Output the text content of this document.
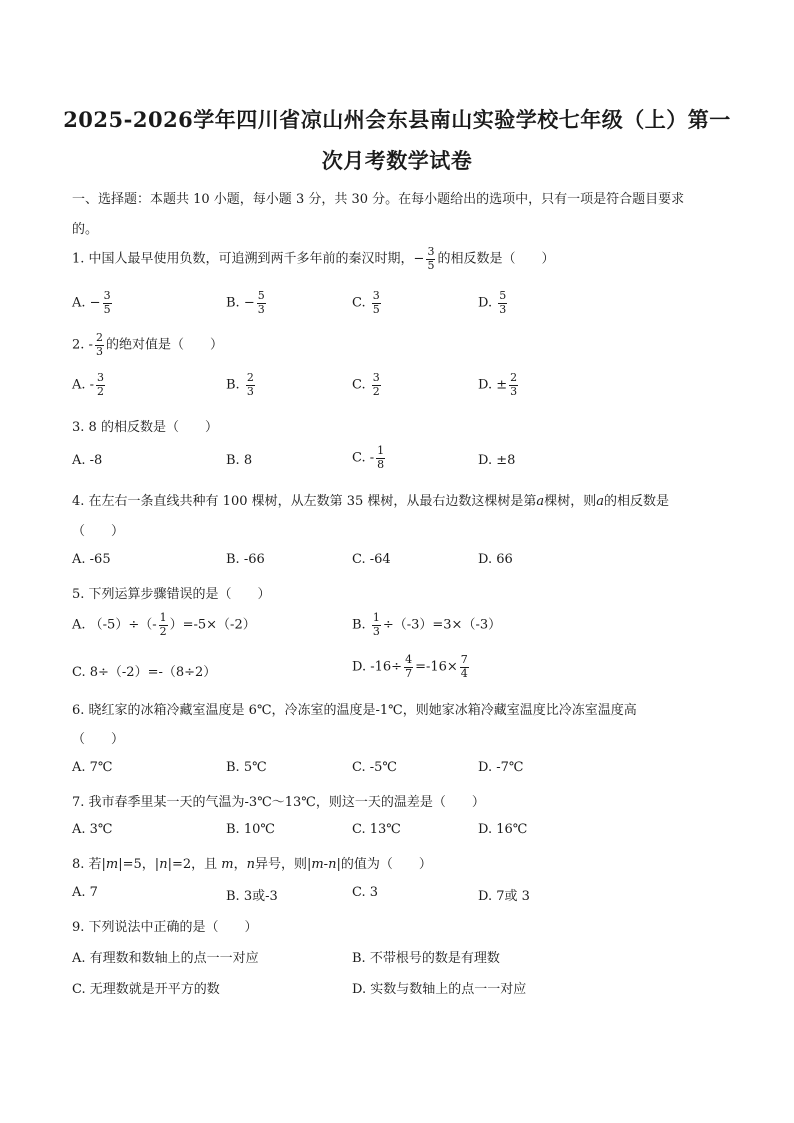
2025-2026学年四川省凉山州会东县南山实验学校七年级（上）第一
次月考数学试卷
一、选择题：本题共 10 小题，每小题 3 分，共 30 分。在每小题给出的选项中，只有一项是符合题目要求
的。
1. 中国人最早使用负数，可追溯到两千多年前的秦汉时期，− $\frac{3}{5}$ 的相反数是（　　）
A. − $\frac{3}{5}$	B. − $\frac{5}{3}$	C. $\frac{3}{5}$	D. $\frac{5}{3}$
2. - $\frac{2}{3}$ 的绝对值是（　　）
A. - $\frac{3}{2}$	B. $\frac{2}{3}$	C. $\frac{3}{2}$	D. ± $\frac{2}{3}$
3. 8 的相反数是（　　）
A. -8	B. 8	C. - $\frac{1}{8}$	D. ±8
4. 在左右一条直线共种有 100 棵树，从左数第 35 棵树，从最右边数这棵树是第a棵树，则a的相反数是
（　　）
A. -65	B. -66	C. -64	D. 66
5. 下列运算步骤错误的是（　　）
A. $(-5)\div(- \frac{1}{2} )=-5\times(-2)$	B. $\frac{1}{3} \div(-3)=3\times(-3)$
C. 8÷（-2）=-（8÷2）	D. $-16\div \frac{4}{7} =-16\times \frac{7}{4}$
6. 晓红家的冰箱冷藏室温度是 6℃，冷冻室的温度是-1℃，则她家冰箱冷藏室温度比冷冻室温度高
（　　）
A. 7℃	B. 5℃	C. -5℃	D. -7℃
7. 我市春季里某一天的气温为-3℃～13℃，则这一天的温差是（　　）
A. 3℃	B. 10℃	C. 13℃	D. 16℃
8. 若|m|=5，|n|=2，且 m，n异号，则|m-n|的值为（　　）
A. 7	B. 3或-3	C. 3	D. 7或 3
9. 下列说法中正确的是（　　）
A. 有理数和数轴上的点一一对应	B. 不带根号的数是有理数
C. 无理数就是开平方的数	D. 实数与数轴上的点一一对应
